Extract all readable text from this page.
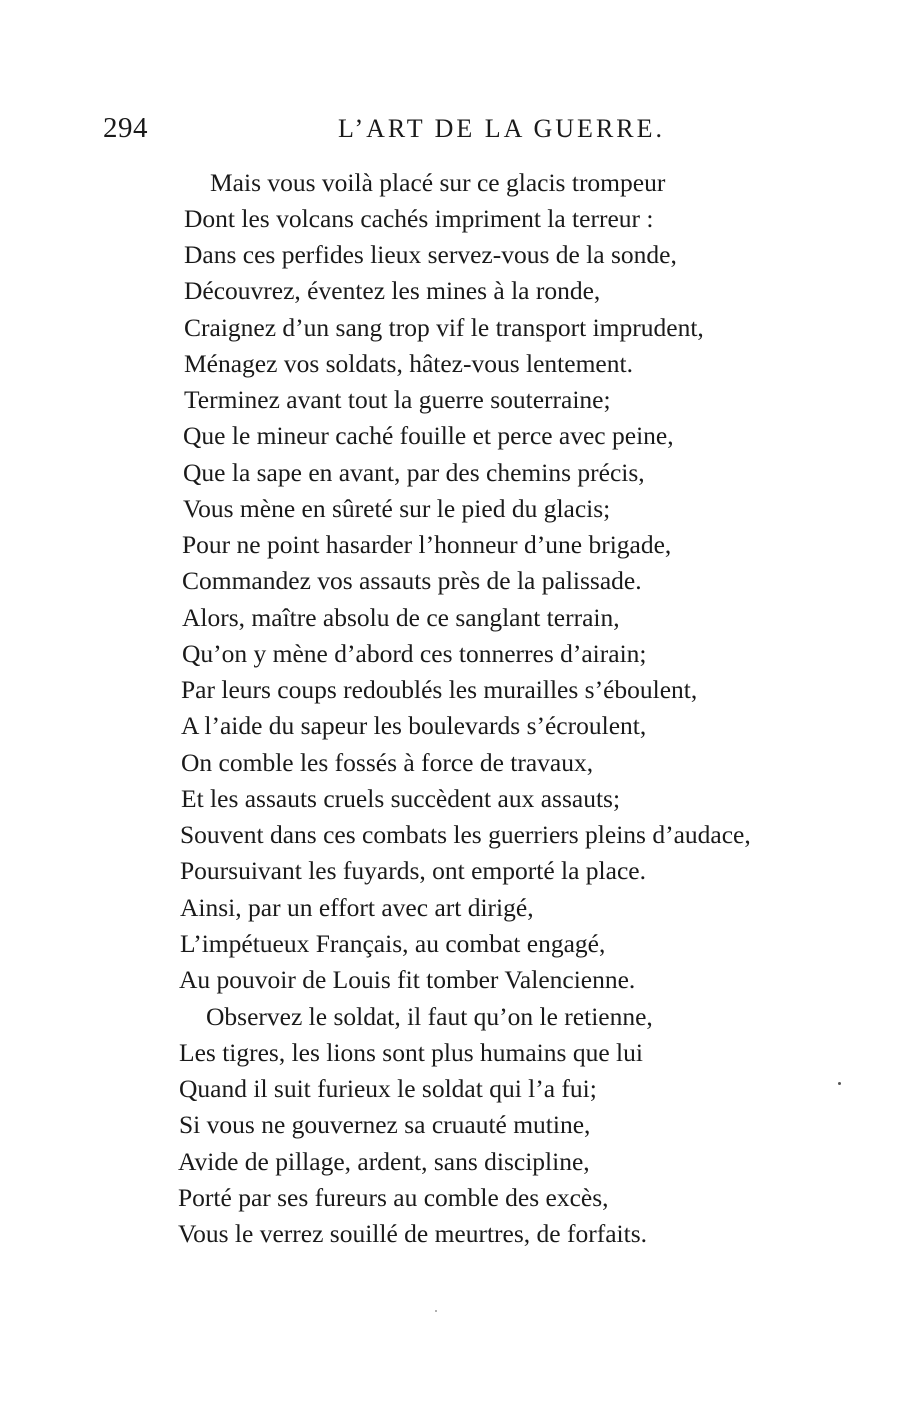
294	L’ART DE LA GUERRE.
Mais vous voilà placé sur ce glacis trompeur
Dont les volcans cachés impriment la terreur :
Dans ces perfides lieux servez-vous de la sonde,
Découvrez, éventez les mines à la ronde,
Craignez d’un sang trop vif le transport imprudent,
Ménagez vos soldats, hâtez-vous lentement.
Terminez avant tout la guerre souterraine;
Que le mineur caché fouille et perce avec peine,
Que la sape en avant, par des chemins précis,
Vous mène en sûreté sur le pied du glacis;
Pour ne point hasarder l’honneur d’une brigade,
Commandez vos assauts près de la palissade.
Alors, maître absolu de ce sanglant terrain,
Qu’on y mène d’abord ces tonnerres d’airain;
Par leurs coups redoublés les murailles s’éboulent,
A l’aide du sapeur les boulevards s’écroulent,
On comble les fossés à force de travaux,
Et les assauts cruels succèdent aux assauts;
Souvent dans ces combats les guerriers pleins d’audace,
Poursuivant les fuyards, ont emporté la place.
Ainsi, par un effort avec art dirigé,
L’impétueux Français, au combat engagé,
Au pouvoir de Louis fit tomber Valencienne.
Observez le soldat, il faut qu’on le retienne,
Les tigres, les lions sont plus humains que lui
Quand il suit furieux le soldat qui l’a fui;
Si vous ne gouvernez sa cruauté mutine,
Avide de pillage, ardent, sans discipline,
Porté par ses fureurs au comble des excès,
Vous le verrez souillé de meurtres, de forfaits.
